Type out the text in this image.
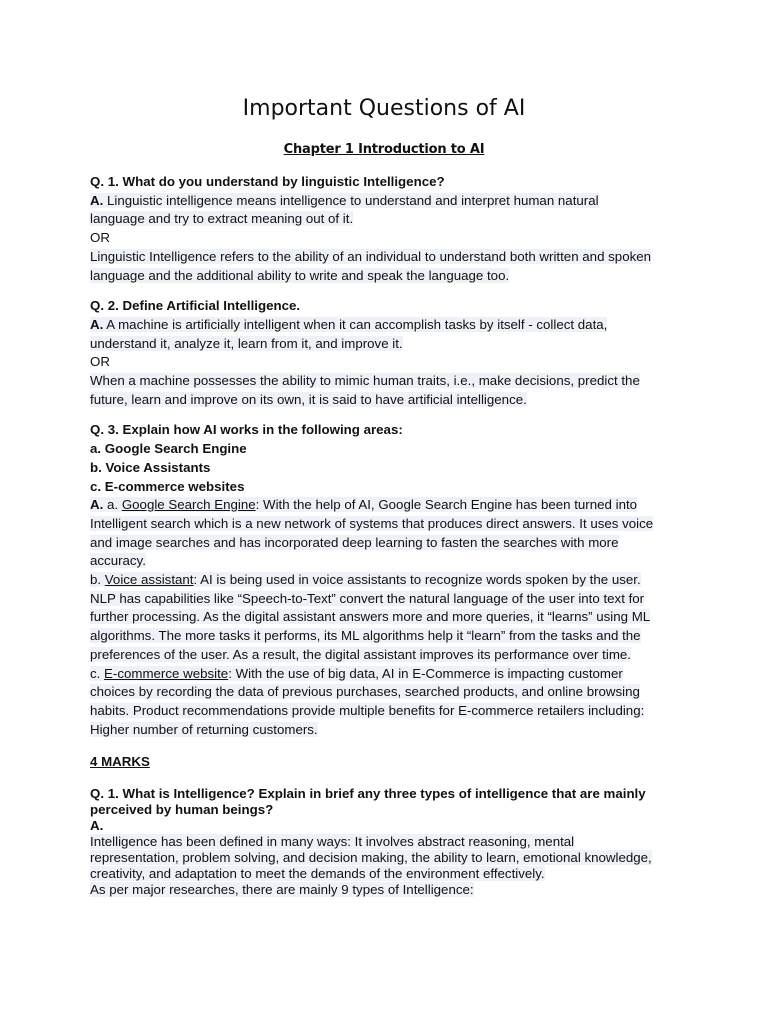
Important Questions of AI
Chapter 1 Introduction to AI

Q. 1. What do you understand by linguistic Intelligence?

A. Linguistic intelligence means intelligence to understand and interpret human natural

language and try to extract meaning out of it.

OR

Linguistic Intelligence refers to the ability of an individual to understand both written and spoken

language and the additional ability to write and speak the language too.

Q. 2. Define Artificial Intelligence.

A. A machine is artificially intelligent when it can accomplish tasks by itself - collect data,

understand it, analyze it, learn from it, and improve it.

OR

When a machine possesses the ability to mimic human traits, i.e., make decisions, predict the

future, learn and improve on its own, it is said to have artificial intelligence.

Q. 3. Explain how AI works in the following areas:

a. Google Search Engine

b. Voice Assistants

c. E-commerce websites

A. a. Google Search Engine: With the help of AI, Google Search Engine has been turned into

Intelligent search which is a new network of systems that produces direct answers. It uses voice

and image searches and has incorporated deep learning to fasten the searches with more

accuracy.

b. Voice assistant: AI is being used in voice assistants to recognize words spoken by the user.

NLP has capabilities like “Speech-to-Text” convert the natural language of the user into text for

further processing. As the digital assistant answers more and more queries, it “learns” using ML

algorithms. The more tasks it performs, its ML algorithms help it “learn” from the tasks and the

preferences of the user. As a result, the digital assistant improves its performance over time.

c. E-commerce website: With the use of big data, AI in E-Commerce is impacting customer

choices by recording the data of previous purchases, searched products, and online browsing

habits. Product recommendations provide multiple benefits for E-commerce retailers including:

Higher number of returning customers.

4 MARKS

Q. 1. What is Intelligence? Explain in brief any three types of intelligence that are mainly

perceived by human beings?

A.

Intelligence has been defined in many ways: It involves abstract reasoning, mental

representation, problem solving, and decision making, the ability to learn, emotional knowledge,

creativity, and adaptation to meet the demands of the environment effectively.

As per major researches, there are mainly 9 types of Intelligence:
